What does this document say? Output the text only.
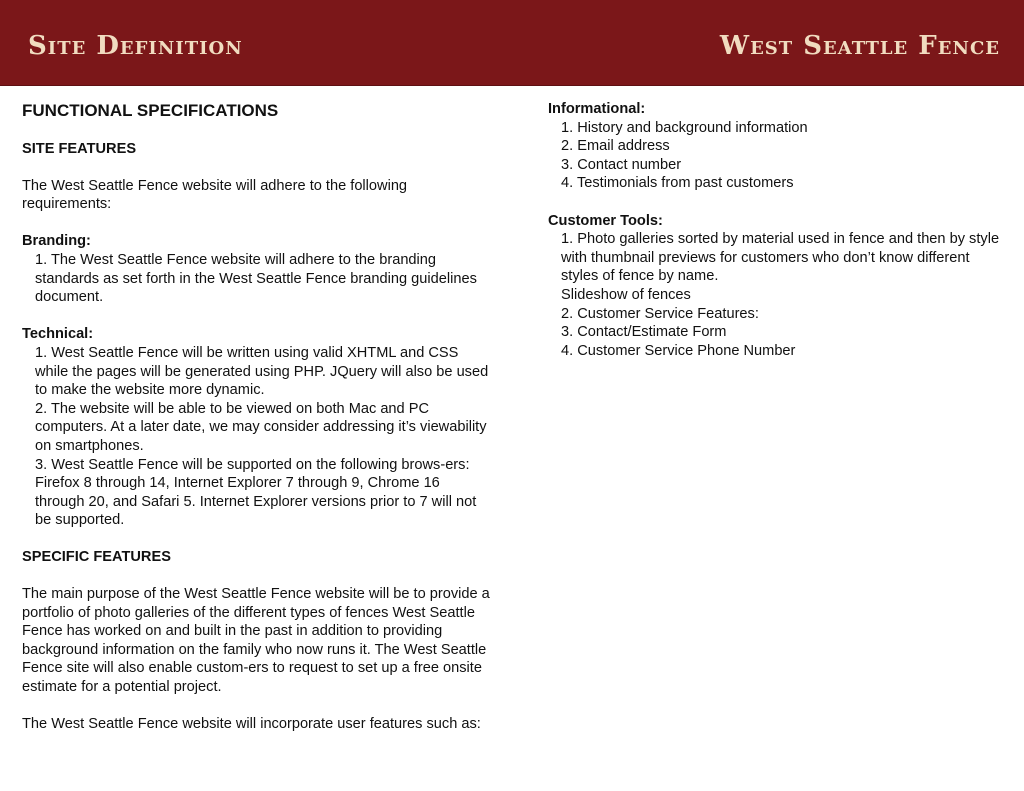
Site Definition	West Seattle Fence
FUNCTIONAL SPECIFICATIONS
SITE FEATURES
The West Seattle Fence website will adhere to the following requirements:
Branding:
1. The West Seattle Fence website will adhere to the branding standards as set forth in the West Seattle Fence branding guidelines document.
Technical:
1. West Seattle Fence will be written using valid XHTML and CSS while the pages will be generated using PHP. JQuery will also be used to make the website more dynamic.
2. The website will be able to be viewed on both Mac and PC computers. At a later date, we may consider addressing it’s viewability on smartphones.
3. West Seattle Fence will be supported on the following brows-ers: Firefox 8 through 14, Internet Explorer 7 through 9, Chrome 16 through 20, and Safari 5. Internet Explorer versions prior to 7 will not be supported.
SPECIFIC FEATURES
The main purpose of the West Seattle Fence website will be to provide a portfolio of photo galleries of the different types of fences West Seattle Fence has worked on and built in the past in addition to providing background information on the family who now runs it. The West Seattle Fence site will also enable custom-ers to request to set up a free onsite estimate for a potential project.
The West Seattle Fence website will incorporate user features such as:
Informational:
1. History and background information
2. Email address
3. Contact number
4. Testimonials from past customers
Customer Tools:
1. Photo galleries sorted by material used in fence and then by style with thumbnail previews for customers who don’t know different styles of fence by name.
Slideshow of fences
2. Customer Service Features:
3. Contact/Estimate Form
4. Customer Service Phone Number
